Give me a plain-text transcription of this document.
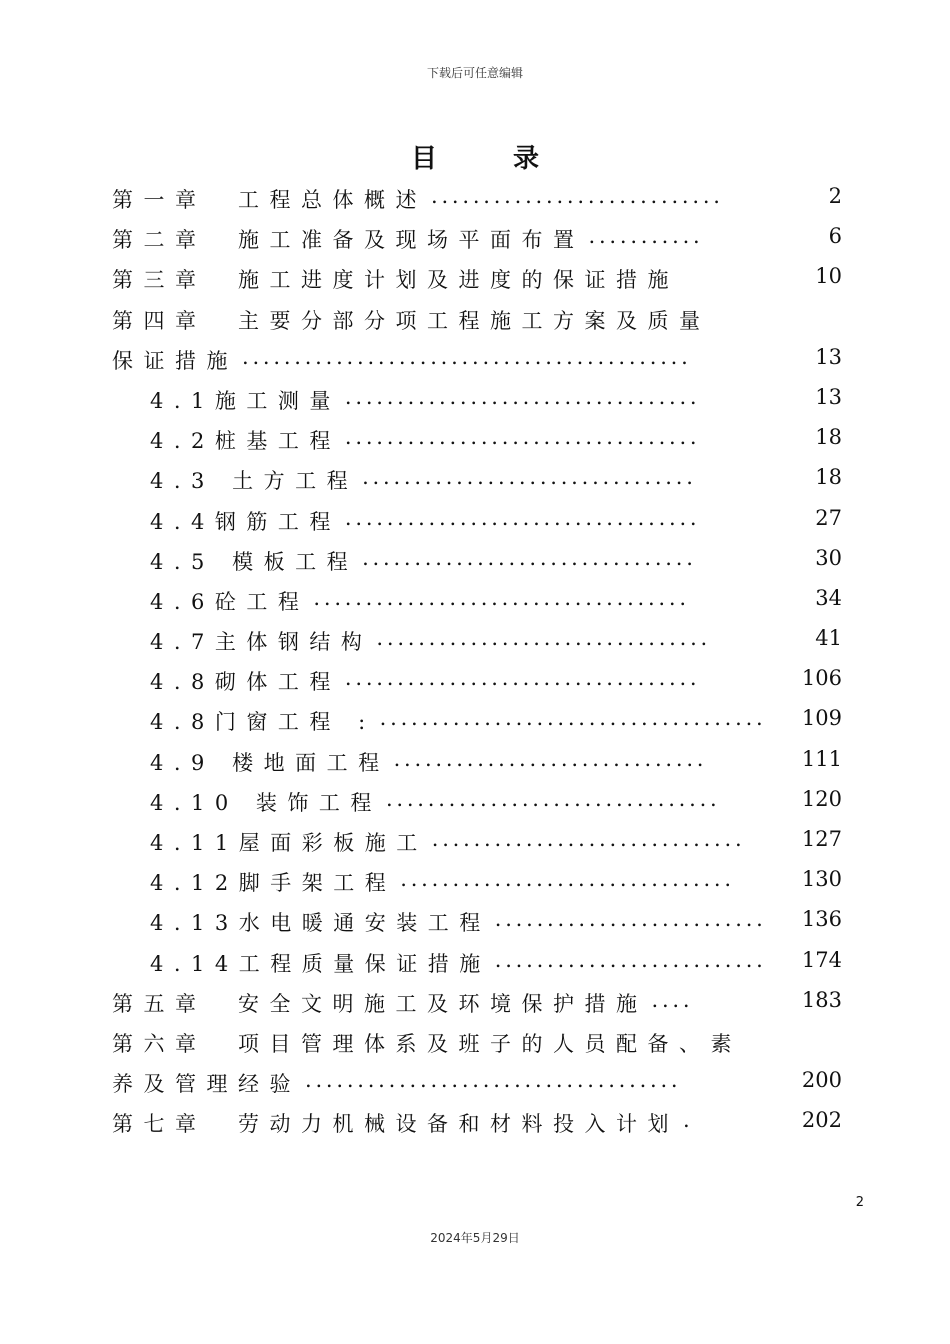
下载后可任意编辑
目录
第一章　工程总体概述	2
............................
第二章　施工准备及现场平面布置	6
...........
第三章　施工进度计划及进度的保证措施	10
第四章　主要分部分项工程施工方案及质量
保证措施	13
...........................................
4.1施工测量	13
..................................
4.2桩基工程	18
..................................
4.3 土方工程	18
................................
4.4钢筋工程	27
..................................
4.5 模板工程	30
................................
4.6砼工程	34
....................................
4.7主体钢结构	41
................................
4.8砌体工程	106
..................................
4.8门窗工程 :	109
.....................................
4.9 楼地面工程	111
..............................
4.10 装饰工程	120
................................
4.11屋面彩板施工	127
..............................
4.12脚手架工程	130
................................
4.13水电暖通安装工程	136
..........................
4.14工程质量保证措施	174
..........................
第五章　安全文明施工及环境保护措施	183
....
第六章　项目管理体系及班子的人员配备、素
养及管理经验	200
....................................
第七章　劳动力机械设备和材料投入计划	202
.
2
2024年5月29日
